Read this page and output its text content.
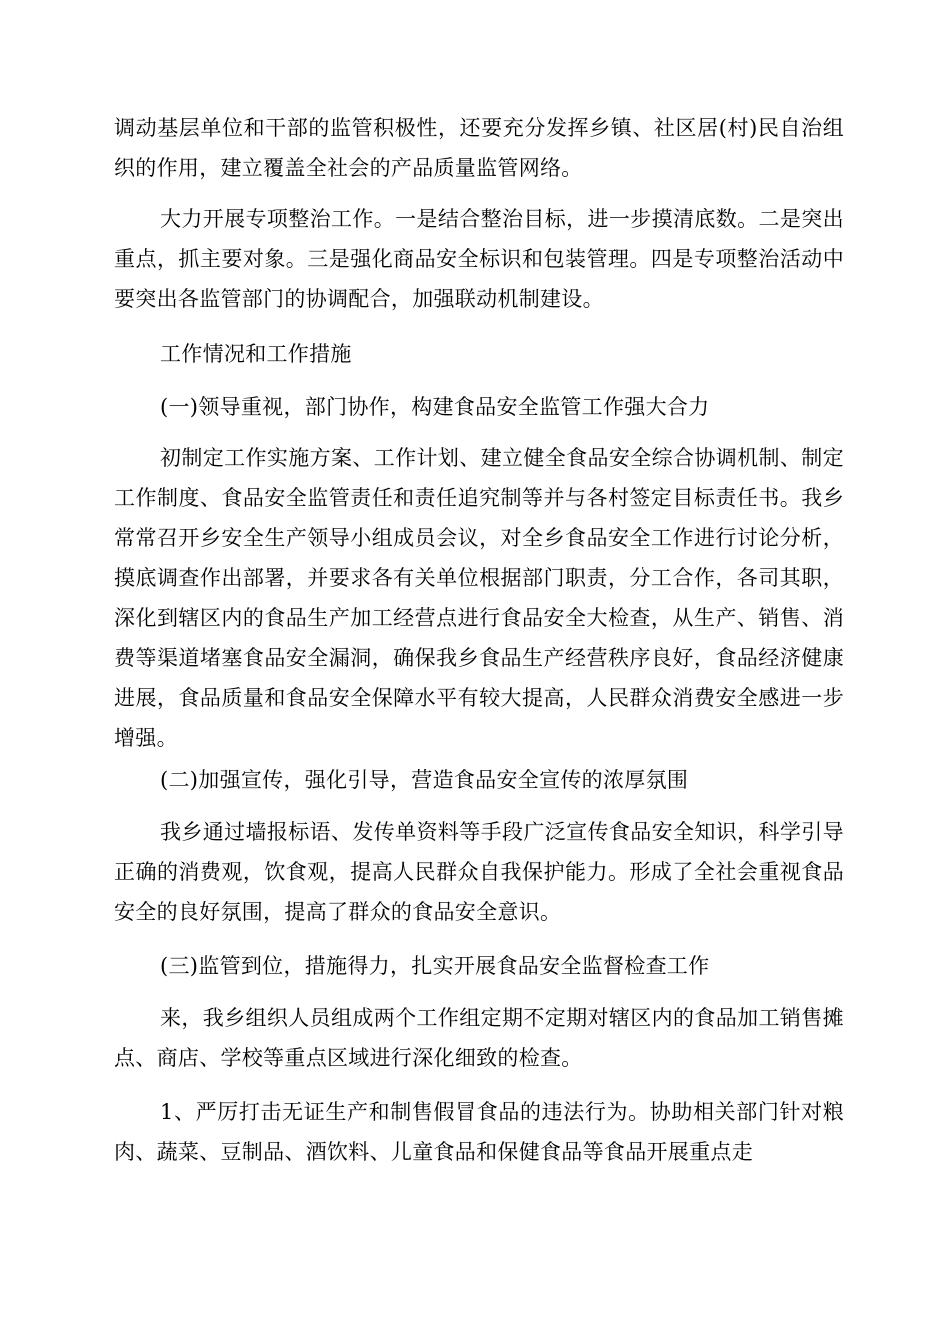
调动基层单位和干部的监管积极性，还要充分发挥乡镇、社区居(村)民自治组织的作用，建立覆盖全社会的产品质量监管网络。

大力开展专项整治工作。一是结合整治目标，进一步摸清底数。二是突出重点，抓主要对象。三是强化商品安全标识和包装管理。四是专项整治活动中要突出各监管部门的协调配合，加强联动机制建设。

工作情况和工作措施

(一)领导重视，部门协作，构建食品安全监管工作强大合力

初制定工作实施方案、工作计划、建立健全食品安全综合协调机制、制定工作制度、食品安全监管责任和责任追究制等并与各村签定目标责任书。我乡常常召开乡安全生产领导小组成员会议，对全乡食品安全工作进行讨论分析，摸底调查作出部署，并要求各有关单位根据部门职责，分工合作，各司其职，深化到辖区内的食品生产加工经营点进行食品安全大检查，从生产、销售、消费等渠道堵塞食品安全漏洞，确保我乡食品生产经营秩序良好，食品经济健康进展，食品质量和食品安全保障水平有较大提高，人民群众消费安全感进一步增强。

(二)加强宣传，强化引导，营造食品安全宣传的浓厚氛围

我乡通过墙报标语、发传单资料等手段广泛宣传食品安全知识，科学引导正确的消费观，饮食观，提高人民群众自我保护能力。形成了全社会重视食品安全的良好氛围，提高了群众的食品安全意识。

(三)监管到位，措施得力，扎实开展食品安全监督检查工作

来，我乡组织人员组成两个工作组定期不定期对辖区内的食品加工销售摊点、商店、学校等重点区域进行深化细致的检查。

1、严厉打击无证生产和制售假冒食品的违法行为。协助相关部门针对粮肉、蔬菜、豆制品、酒饮料、儿童食品和保健食品等食品开展重点走
